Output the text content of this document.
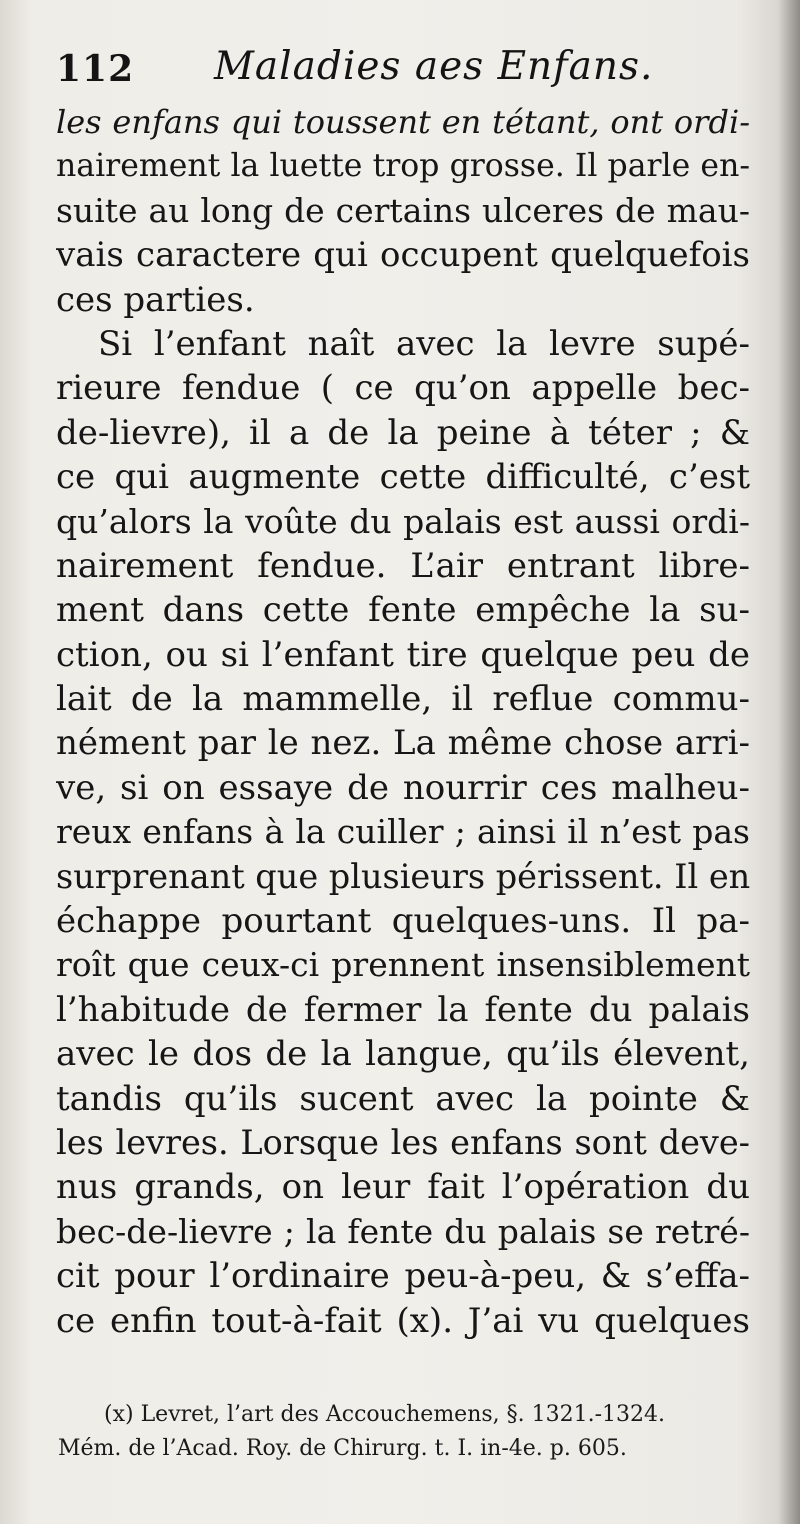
112 Maladies aes Enfans.
les enfans qui toussent en tétant, ont ordi-
nairement la luette trop grosse. Il parle en-
suite au long de certains ulceres de mau-
vais caractere qui occupent quelquefois
ces parties.
Si l’enfant naît avec la levre supé-
rieure fendue ( ce qu’on appelle bec-
de-lievre), il a de la peine à téter ; &
ce qui augmente cette difficulté, c’est
qu’alors la voûte du palais est aussi ordi-
nairement fendue. L’air entrant libre-
ment dans cette fente empêche la su-
ction, ou si l’enfant tire quelque peu de
lait de la mammelle, il reflue commu-
nément par le nez. La même chose arri-
ve, si on essaye de nourrir ces malheu-
reux enfans à la cuiller ; ainsi il n’est pas
surprenant que plusieurs périssent. Il en
échappe pourtant quelques-uns. Il pa-
roît que ceux-ci prennent insensiblement
l’habitude de fermer la fente du palais
avec le dos de la langue, qu’ils élevent,
tandis qu’ils sucent avec la pointe &
les levres. Lorsque les enfans sont deve-
nus grands, on leur fait l’opération du
bec-de-lievre ; la fente du palais se retré-
cit pour l’ordinaire peu-à-peu, & s’effa-
ce enfin tout-à-fait (x). J’ai vu quelques
(x) Levret, l’art des Accouchemens, §. 1321.-1324.
Mém. de l’Acad. Roy. de Chirurg. t. I. in-4e. p. 605.
